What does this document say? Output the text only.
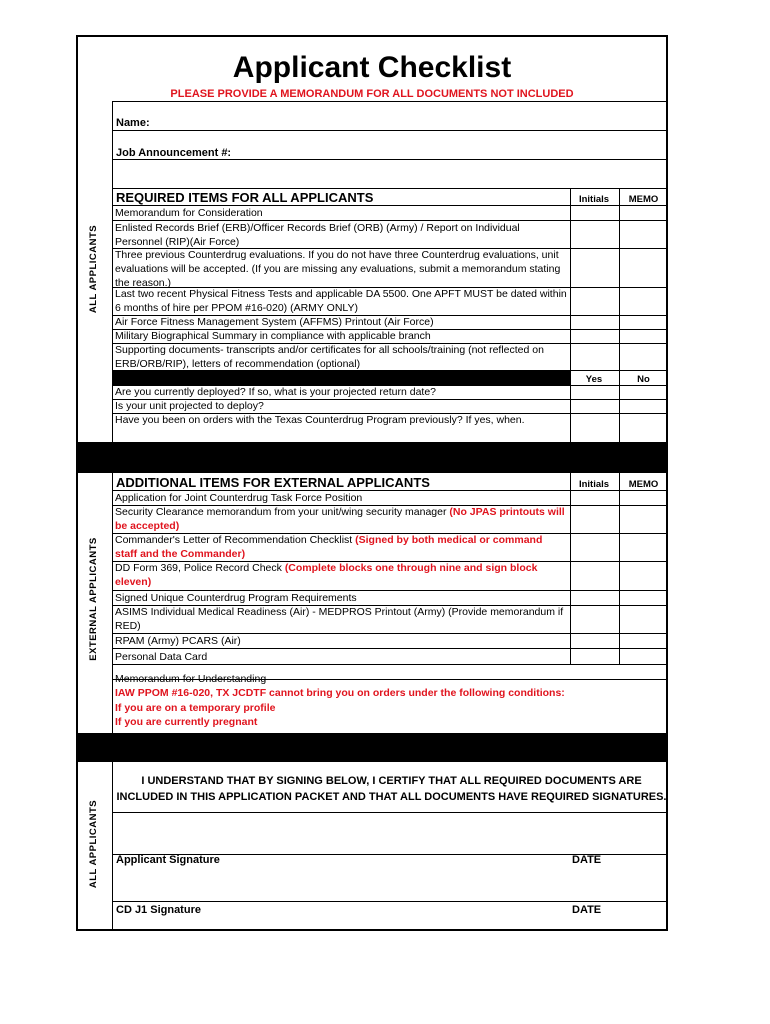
Applicant Checklist
PLEASE PROVIDE A MEMORANDUM FOR ALL DOCUMENTS NOT INCLUDED
ALL APPLICANTS
EXTERNAL APPLICANTS
ALL APPLICANTS
Name:
Job Announcement #:
REQUIRED ITEMS FOR ALL APPLICANTS	Initials	MEMO
Memorandum for Consideration
Enlisted Records Brief (ERB)/Officer Records Brief (ORB) (Army) / Report on Individual Personnel (RIP)(Air Force)
Three previous Counterdrug evaluations. If you do not have three Counterdrug evaluations, unit evaluations will be accepted. (If you are missing any evaluations, submit a memorandum stating the reason.)
Last two recent Physical Fitness Tests and applicable DA 5500. One APFT MUST be dated within 6 months of hire per PPOM #16-020) (ARMY ONLY)
Air Force Fitness Management System (AFFMS) Printout (Air Force)
Military Biographical Summary in compliance with applicable branch
Supporting documents- transcripts and/or certificates for all schools/training (not reflected on ERB/ORB/RIP), letters of recommendation (optional)
Yes	No
Are you currently deployed? If so, what is your projected return date?
Is your unit projected to deploy?
Have you been on orders with the Texas Counterdrug Program previously? If yes, when.
ADDITIONAL ITEMS FOR EXTERNAL APPLICANTS	Initials	MEMO
Application for Joint Counterdrug Task Force Position
Security Clearance memorandum from your unit/wing security manager (No JPAS printouts will be accepted)
Commander's Letter of Recommendation Checklist (Signed by both medical or command staff and the Commander)
DD Form 369, Police Record Check (Complete blocks one through nine and sign block eleven)
Signed Unique Counterdrug Program Requirements
ASIMS Individual Medical Readiness (Air) - MEDPROS Printout (Army) (Provide memorandum if RED)
RPAM (Army) PCARS (Air)
Personal Data Card
Memorandum for Understanding
IAW PPOM #16-020, TX JCDTF cannot bring you on orders under the following conditions:
If you are on a temporary profile
If you are currently pregnant
I UNDERSTAND THAT BY SIGNING BELOW, I CERTIFY THAT ALL REQUIRED DOCUMENTS ARE INCLUDED IN THIS APPLICATION PACKET AND THAT ALL DOCUMENTS HAVE REQUIRED SIGNATURES.
Applicant Signature	DATE
CD J1 Signature	DATE
